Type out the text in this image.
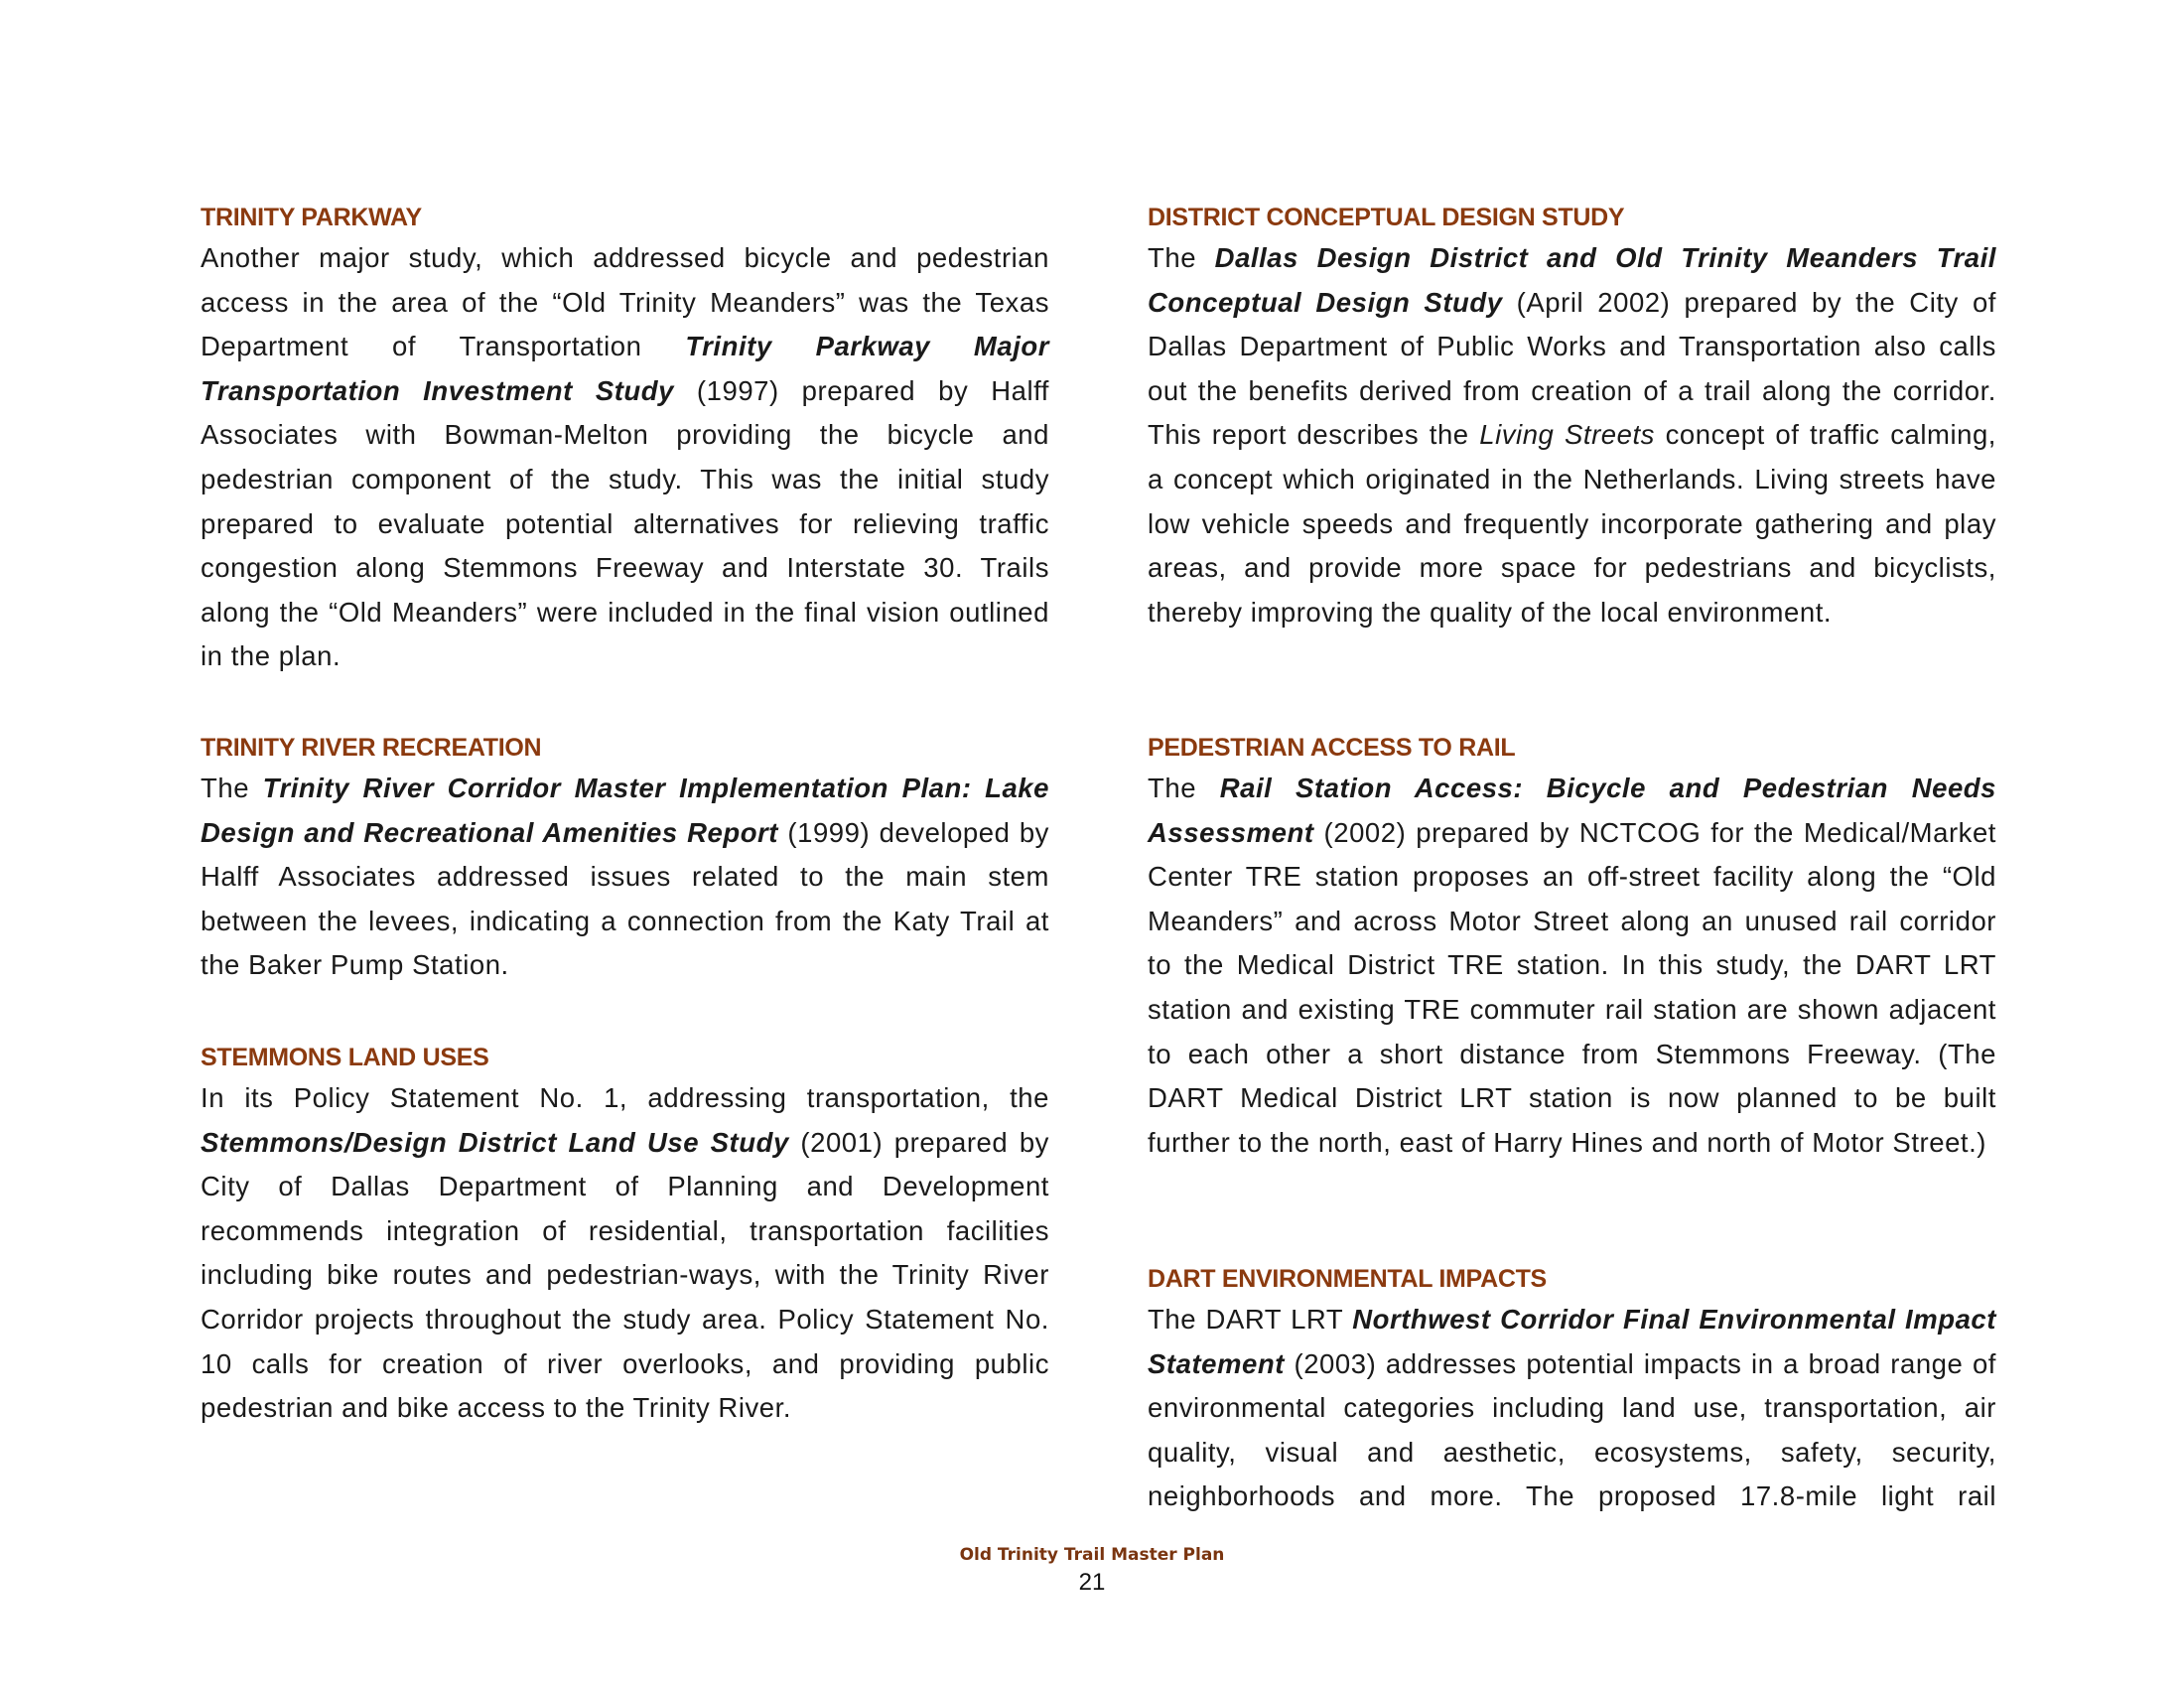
TRINITY PARKWAY

Another major study, which addressed bicycle and pedestrian access in the area of the “Old Trinity Meanders” was the Texas Department of Transportation Trinity Parkway Major Transportation Investment Study (1997) prepared by Halff Associates with Bowman-Melton providing the bicycle and pedestrian component of the study. This was the initial study prepared to evaluate potential alternatives for relieving traffic congestion along Stemmons Freeway and Interstate 30. Trails along the “Old Meanders” were included in the final vision outlined in the plan.

TRINITY RIVER RECREATION

The Trinity River Corridor Master Implementation Plan: Lake Design and Recreational Amenities Report (1999) developed by Halff Associates addressed issues related to the main stem between the levees, indicating a connection from the Katy Trail at the Baker Pump Station.

STEMMONS LAND USES

In its Policy Statement No. 1, addressing transportation, the Stemmons/Design District Land Use Study (2001) prepared by City of Dallas Department of Planning and Development recommends integration of residential, transportation facilities including bike routes and pedestrian-ways, with the Trinity River Corridor projects throughout the study area. Policy Statement No. 10 calls for creation of river overlooks, and providing public pedestrian and bike access to the Trinity River.

DISTRICT CONCEPTUAL DESIGN STUDY

The Dallas Design District and Old Trinity Meanders Trail Conceptual Design Study (April 2002) prepared by the City of Dallas Department of Public Works and Transportation also calls out the benefits derived from creation of a trail along the corridor. This report describes the Living Streets concept of traffic calming, a concept which originated in the Netherlands. Living streets have low vehicle speeds and frequently incorporate gathering and play areas, and provide more space for pedestrians and bicyclists, thereby improving the quality of the local environment.

PEDESTRIAN ACCESS TO RAIL

The Rail Station Access: Bicycle and Pedestrian Needs Assessment (2002) prepared by NCTCOG for the Medical/Market Center TRE station proposes an off-street facility along the “Old Meanders” and across Motor Street along an unused rail corridor to the Medical District TRE station. In this study, the DART LRT station and existing TRE commuter rail station are shown adjacent to each other a short distance from Stemmons Freeway. (The DART Medical District LRT station is now planned to be built further to the north, east of Harry Hines and north of Motor Street.)

DART ENVIRONMENTAL IMPACTS

The DART LRT Northwest Corridor Final Environmental Impact Statement (2003) addresses potential impacts in a broad range of environmental categories including land use, transportation, air quality, visual and aesthetic, ecosystems, safety, security, neighborhoods and more. The proposed 17.8-mile light rail

Old Trinity Trail Master Plan
21
